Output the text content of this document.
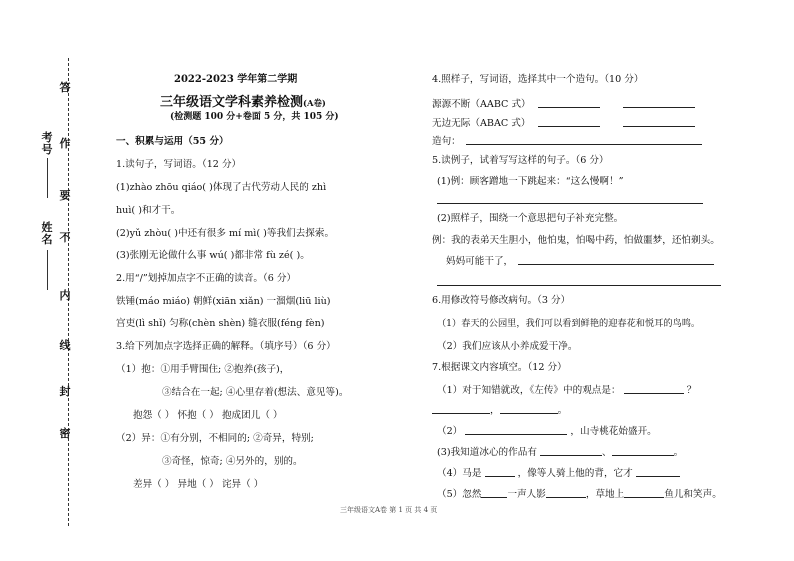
答
作
要
不
内
线
封
密
考号
姓名
2022-2023 学年第二学期
三年级语文学科素养检测(A卷)
(检测题 100 分+卷面 5 分，共 105 分)
一、积累与运用（55 分）
1.读句子，写词语。（12 分）
(1)zhào zhōu qiáo( )体现了古代劳动人民的 zhì
huì( )和才干。
(2)yǔ zhòu( )中还有很多 mí mì( )等我们去探索。
(3)张刚无论做什么事 wú( )都非常 fù zé( )。
2.用“/”划掉加点字不正确的读音。（6 分）
铁锤(máo miáo) 朝鲜(xiān xiǎn) 一溜烟(liū liù)
宫吏(lì shǐ) 匀称(chèn shèn) 缝衣服(féng fèn)
3.给下列加点字选择正确的解释。（填序号）（6 分）
（1）抱：①用手臂围住; ②抱养(孩子)，
③结合在一起; ④心里存着(想法、意见等)。
抱怨（ ） 怀抱（ ） 抱成团儿（ ）
（2）异：①有分别，不相同的; ②奇异，特别;
③奇怪，惊奇; ④另外的，别的。
差异（ ） 异地（ ） 诧异（ ）
4.照样子，写词语，选择其中一个造句。（10 分）
源源不断（AABC 式）
无边无际（ABAC 式）
造句：
5.读例子，试着写写这样的句子。（6 分）
(1)例：顾客蹭地一下跳起来：“这么慢啊！”
(2)照样子，围绕一个意思把句子补充完整。
例：我的表弟天生胆小，他怕鬼，怕喝中药，怕做噩梦，还怕剃头。
妈妈可能干了，
6.用修改符号修改病句。（3 分）
（1）春天的公园里，我们可以看到鲜艳的迎春花和悦耳的鸟鸣。
（2）我们应该从小养成爱干净。
7.根据课文内容填空。（12 分）
（1）对于知错就改，《左传》中的观点是：	？
，	。
（2）	，山寺桃花始盛开。
(3)我知道冰心的作品有	、	。
（4）马是	，像等人骑上他的背，它才
（5）忽然	一声人影	，草地上	鱼儿和笑声。
三年级语文A卷 第 1 页 共 4 页
